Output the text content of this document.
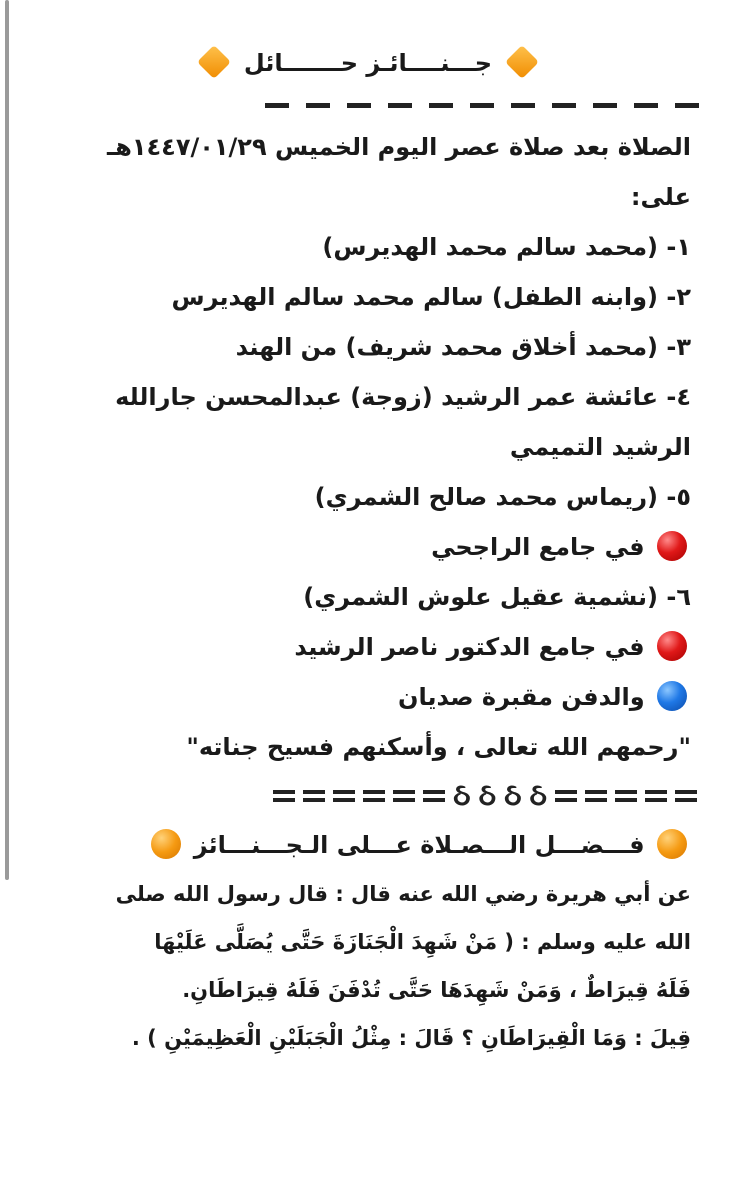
جـــنــــائـز حـــــــائل
الصلاة بعد صلاة عصر اليوم الخميس ١٤٤٧/٠١/٢٩هـ
على:
١- (محمد سالم محمد الهديرس)
٢- (وابنه الطفل) سالم محمد سالم الهديرس
٣- (محمد أخلاق محمد شريف) من الهند
٤- عائشة عمر الرشيد (زوجة) عبدالمحسن جارالله
الرشيد التميمي
٥- (ريماس محمد صالح الشمري)
في جامع الراجحي
٦- (نشمية عقيل علوش الشمري)
في جامع الدكتور ناصر الرشيد
والدفن مقبرة صديان
"رحمهم الله تعالى ، وأسكنهم فسيح جناته"
ઠ
ઠ
ઠ
ઠ
فـــضـــل الـــصـلاة عـــلى الـجـــنـــائز
عن أبي هريرة رضي الله عنه قال : قال رسول الله صلى
الله عليه وسلم : ( مَنْ شَهِدَ الْجَنَازَةَ حَتَّى يُصَلَّى عَلَيْهَا
فَلَهُ قِيرَاطٌ ، وَمَنْ شَهِدَهَا حَتَّى تُدْفَنَ فَلَهُ قِيرَاطَانِ.
قِيلَ : وَمَا الْقِيرَاطَانِ ؟ قَالَ : مِثْلُ الْجَبَلَيْنِ الْعَظِيمَيْنِ ) .
